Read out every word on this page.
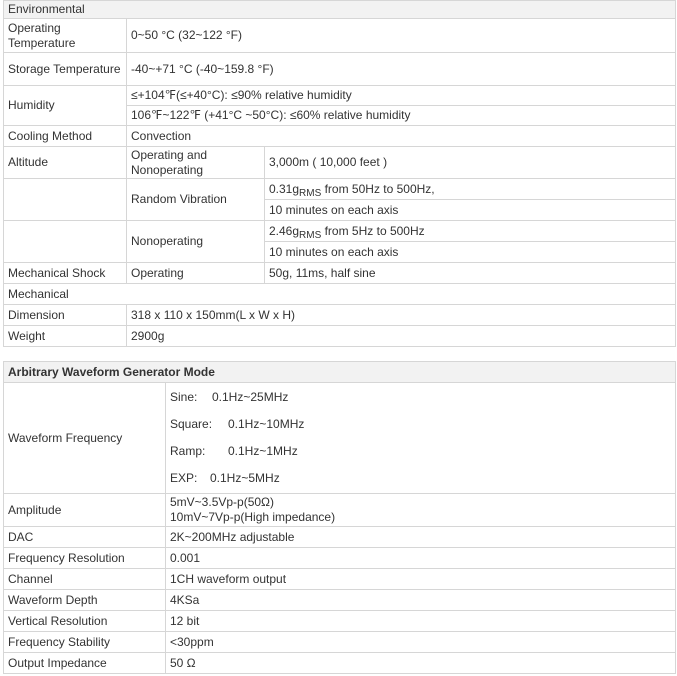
Environmental		
Operating Temperature	0~50 °C (32~122 °F)	
Storage Temperature	-40~+71 °C (-40~159.8 °F)	
Humidity	≤+104℉(≤+40°C): ≤90% relative humidity	
	106℉~122℉ (+41°C ~50°C): ≤60% relative humidity	
Cooling Method	Convection	
Altitude	Operating and Nonoperating	3,000m ( 10,000 feet )
	Random Vibration	$0.31g_{RMS}$ from 50Hz to 500Hz,
		10 minutes on each axis
	Nonoperating	$2.46g_{RMS}$ from 5Hz to 500Hz
		10 minutes on each axis
Mechanical Shock	Operating	50g, 11ms, half sine
Mechanical		
Dimension	318 x 110 x 150mm(L x W x H)	
Weight	2900g	
Arbitrary Waveform Generator Mode	
Waveform Frequency	Sine: 0.1Hz~25MHz
Square: 0.1Hz~10MHz
Ramp: 0.1Hz~1MHz
EXP: 0.1Hz~5MHz

Amplitude	5mV~3.5Vp-p(50Ω)
10mV~7Vp-p(High impedance)

DAC	2K~200MHz adjustable
Frequency Resolution	0.001
Channel	1CH waveform output
Waveform Depth	4KSa
Vertical Resolution	12 bit
Frequency Stability	<30ppm
Output Impedance	50 Ω
